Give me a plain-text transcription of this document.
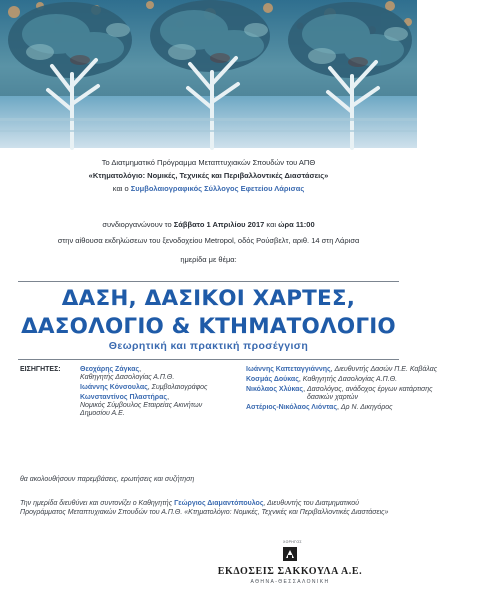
Το Διατμηματικό Πρόγραμμα Μεταπτυχιακών Σπουδών του ΑΠΘ
«Κτηματολόγιο: Νομικές, Τεχνικές και Περιβαλλοντικές Διαστάσεις»
και ο Συμβολαιογραφικός Σύλλογος Εφετείου Λάρισας
συνδιοργανώνουν το Σάββατο 1 Απριλίου 2017 και ώρα 11:00
στην αίθουσα εκδηλώσεων του ξενοδοχείου Metropol, οδός Ρούσβελτ, αριθ. 14 στη Λάρισα
ημερίδα με θέμα:
ΔΑΣΗ, ΔΑΣΙΚΟΙ ΧΑΡΤΕΣ,
ΔΑΣΟΛΟΓΙΟ & ΚΤΗΜΑΤΟΛΟΓΙΟ
Θεωρητική και πρακτική προσέγγιση
ΕΙΣΗΓΗΤΕΣ:	Θεοχάρης Ζάγκας,
Καθηγητής Δασολογίας Α.Π.Θ.
Ιωάννης Κόνσουλας, Συμβολαιογράφος
Κωνσταντίνος Πλαστήρας,
Νομικός Σύμβουλος Εταιρείας Ακινήτων Δημοσίου Α.Ε.
Ιωάννης Καπεταγγιάννης, Διευθυντής Δασών Π.Ε. Καβάλας
Κοσμάς Δούκας, Καθηγητής Δασολογίας Α.Π.Θ.
Νικόλαος Χλύκας, Δασολόγος, ανάδοχος έργων κατάρτισης δασικών χαρτών
Αστέριος-Νικόλαος Λιόντας, Δρ Ν. Δικηγόρος
θα ακολουθήσουν παρεμβάσεις, ερωτήσεις και συζήτηση
Την ημερίδα διευθύνει και συντονίζει ο Καθηγητής Γεώργιος Διαμαντόπουλος, Διευθυντής του Διατμηματικού Προγράμματος Μεταπτυχιακών Σπουδών του Α.Π.Θ. «Κτηματολόγιο: Νομικές, Τεχνικές και Περιβαλλοντικές Διαστάσεις»
ΧΟΡΗΓΟΣ
ΕΚΔΟΣΕΙΣ ΣΑΚΚΟΥΛΑ Α.Ε.
ΑΘΗΝΑ-ΘΕΣΣΑΛΟΝΙΚΗ
